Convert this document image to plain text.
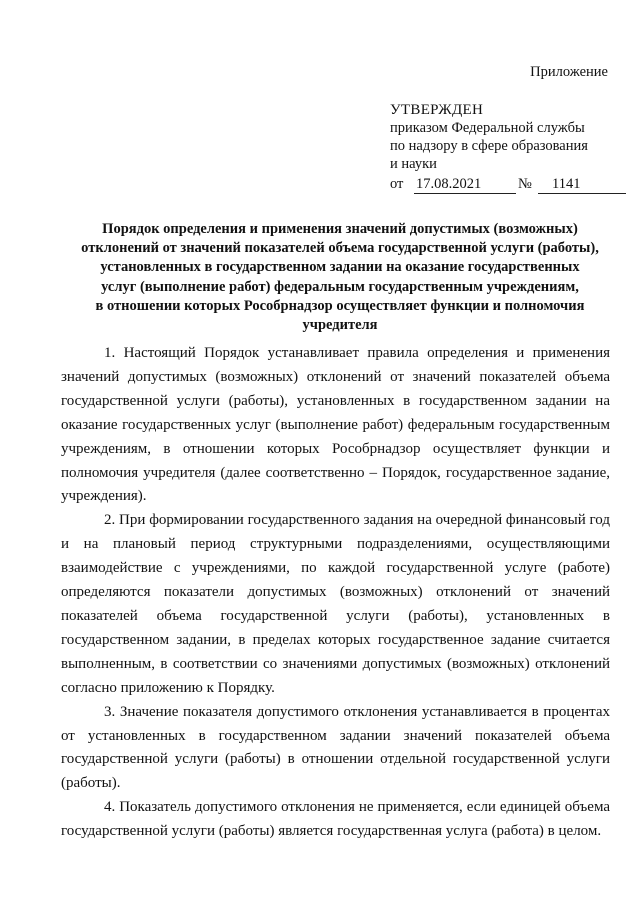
Приложение
УТВЕРЖДЕН
приказом Федеральной службы
по надзору в сфере образования
и науки
от 17.08.2021	№	1141
Порядок определения и применения значений допустимых (возможных)
отклонений от значений показателей объема государственной услуги (работы),
установленных в государственном задании на оказание государственных
услуг (выполнение работ) федеральным государственным учреждениям,
в отношении которых Рособрнадзор осуществляет функции и полномочия
учредителя

1. Настоящий Порядок устанавливает правила определения и применения значений допустимых (возможных) отклонений от значений показателей объема государственной услуги (работы), установленных в государственном задании на оказание государственных услуг (выполнение работ) федеральным государственным учреждениям, в отношении которых Рособрнадзор осуществляет функции и полномочия учредителя (далее соответственно – Порядок, государственное задание, учреждения).

2. При формировании государственного задания на очередной финансовый год и на плановый период структурными подразделениями, осуществляющими взаимодействие с учреждениями, по каждой государственной услуге (работе) определяются показатели допустимых (возможных) отклонений от значений показателей объема государственной услуги (работы), установленных в государственном задании, в пределах которых государственное задание считается выполненным, в соответствии со значениями допустимых (возможных) отклонений согласно приложению к Порядку.

3. Значение показателя допустимого отклонения устанавливается в процентах от установленных в государственном задании значений показателей объема государственной услуги (работы) в отношении отдельной государственной услуги (работы).

4. Показатель допустимого отклонения не применяется, если единицей объема государственной услуги (работы) является государственная услуга (работа) в целом.
